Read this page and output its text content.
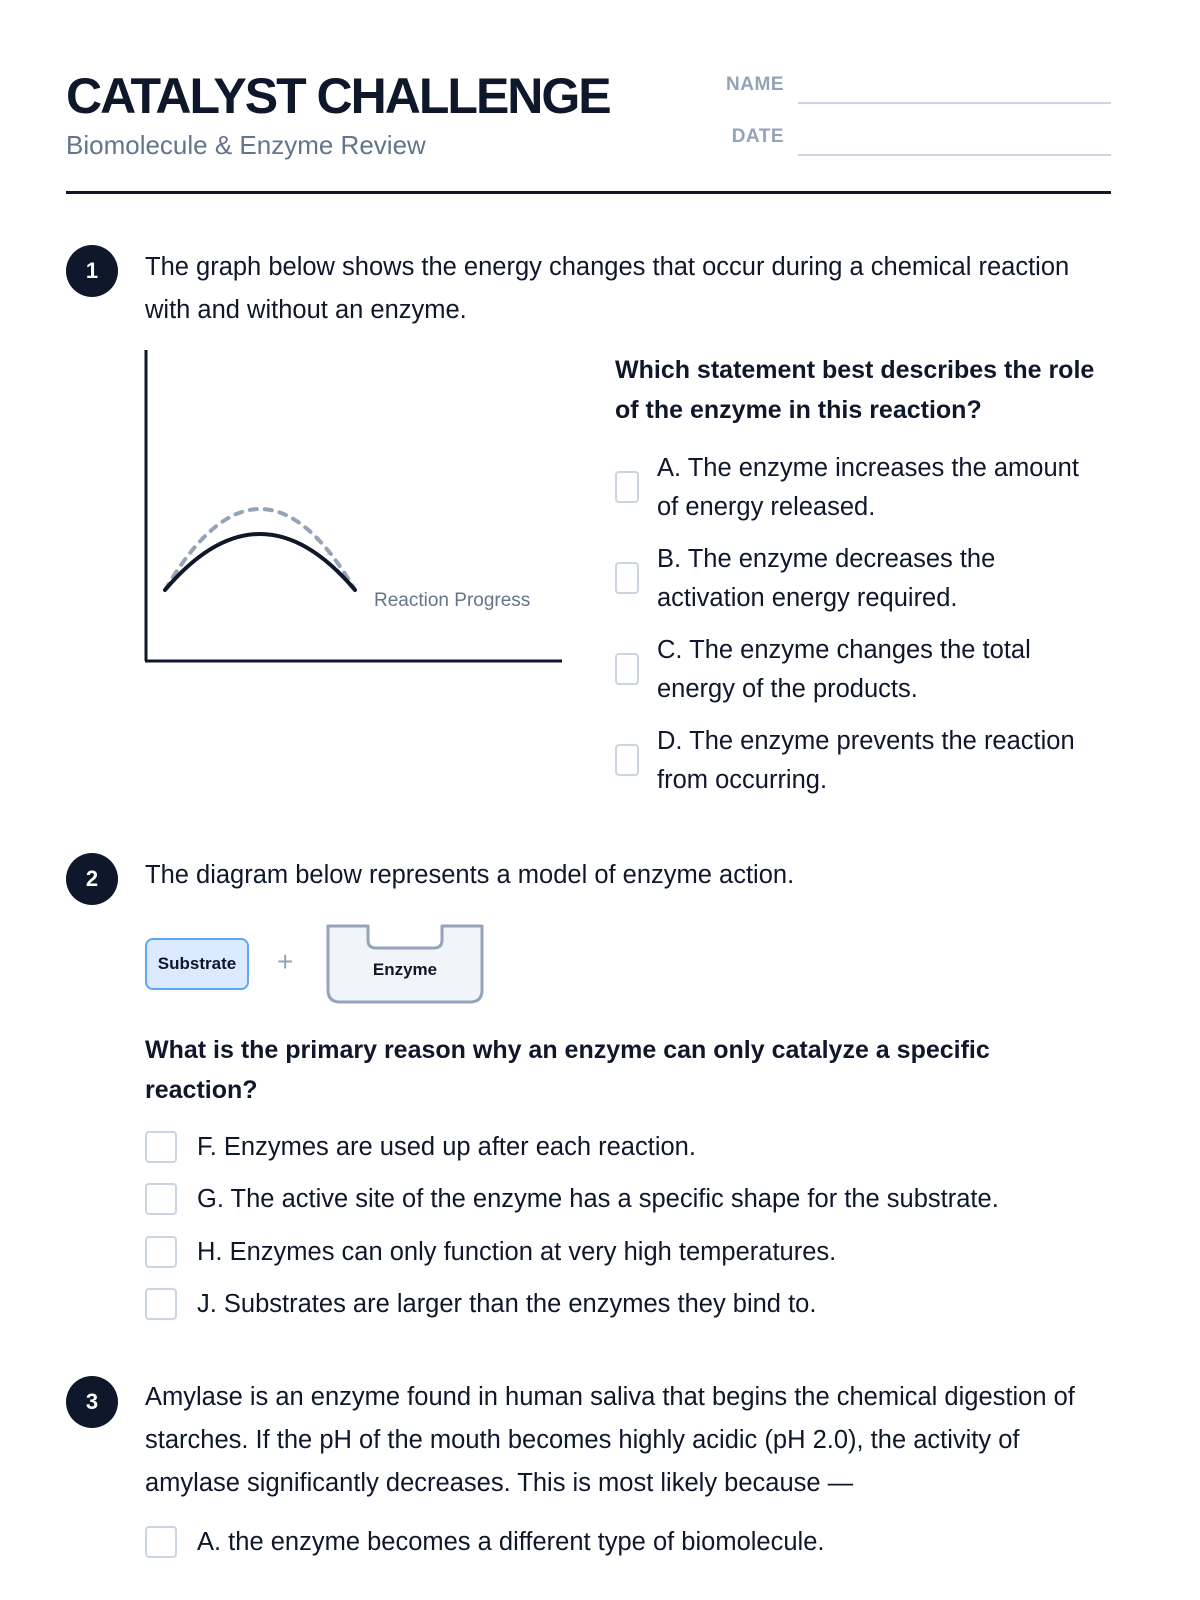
CATALYST CHALLENGE
Biomolecule & Enzyme Review
NAME
DATE
1	The graph below shows the energy changes that occur during a chemical reaction with and without an enzyme.
Reaction Progress
Which statement best describes the role of the enzyme in this reaction?
A. The enzyme increases the amount of energy released.
B. The enzyme decreases the activation energy required.
C. The enzyme changes the total energy of the products.
D. The enzyme prevents the reaction from occurring.
2	The diagram below represents a model of enzyme action.
Substrate +	Enzyme
What is the primary reason why an enzyme can only catalyze a specific reaction?
F. Enzymes are used up after each reaction.
G. The active site of the enzyme has a specific shape for the substrate.
H. Enzymes can only function at very high temperatures.
J. Substrates are larger than the enzymes they bind to.
3	Amylase is an enzyme found in human saliva that begins the chemical digestion of starches. If the pH of the mouth becomes highly acidic (pH 2.0), the activity of amylase significantly decreases. This is most likely because —
A. the enzyme becomes a different type of biomolecule.
